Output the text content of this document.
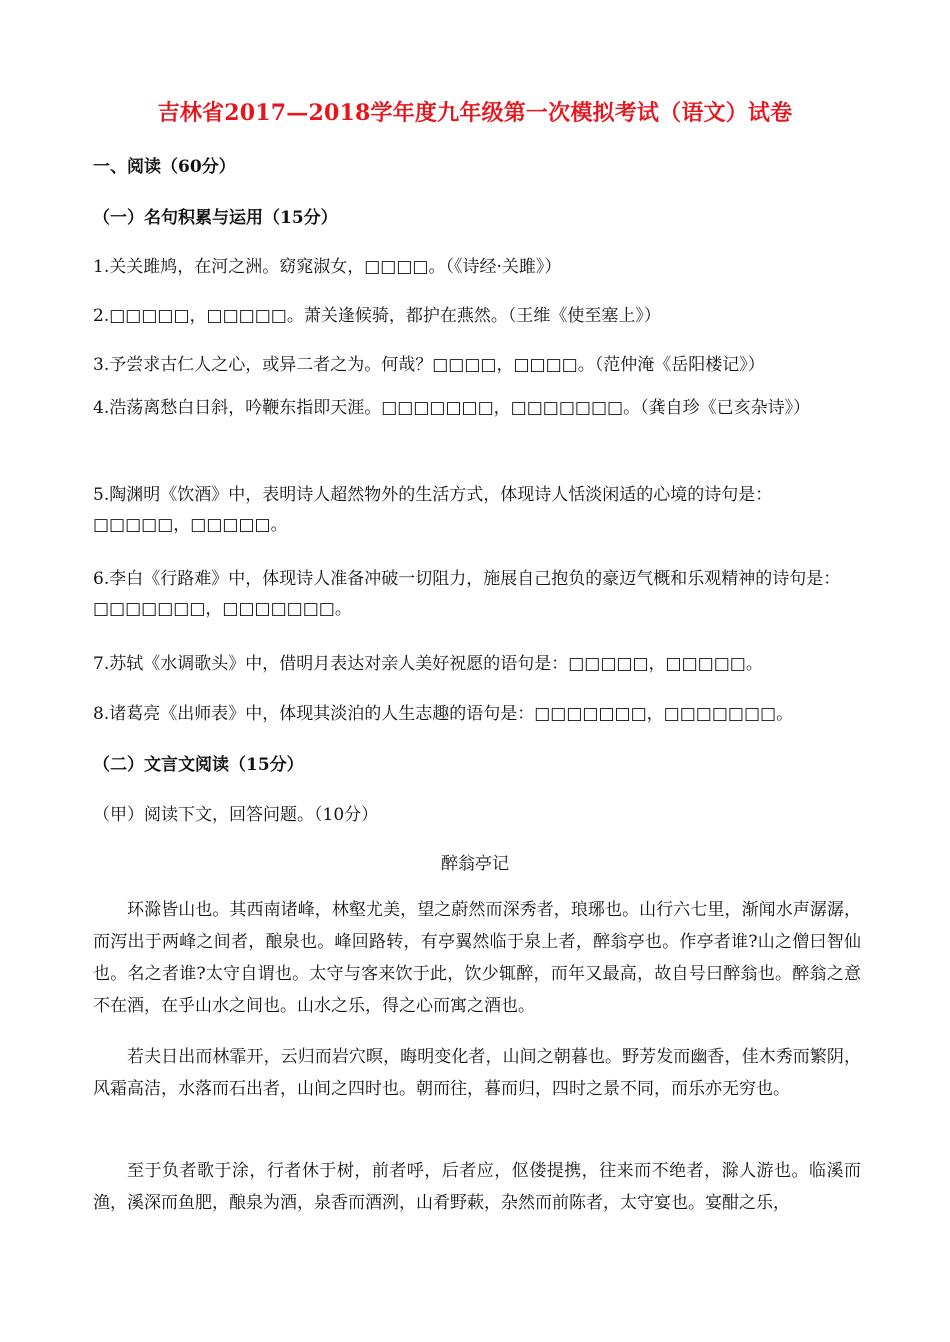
吉林省2017—2018学年度九年级第一次模拟考试（语文）试卷
一、阅读（60分）
（一）名句积累与运用（15分）
1.关关雎鸠，在河之洲。窈窕淑女，□□□□。（《诗经·关雎》）
2.□□□□□，□□□□□。萧关逢候骑，都护在燕然。（王维《使至塞上》）
3.予尝求古仁人之心，或异二者之为。何哉？□□□□，□□□□。（范仲淹《岳阳楼记》）
4.浩荡离愁白日斜，吟鞭东指即天涯。□□□□□□□，□□□□□□□。（龚自珍《已亥杂诗》）
5.陶渊明《饮酒》中，表明诗人超然物外的生活方式，体现诗人恬淡闲适的心境的诗句是：□□□□□，□□□□□。
6.李白《行路难》中，体现诗人准备冲破一切阻力，施展自己抱负的豪迈气概和乐观精神的诗句是：□□□□□□□，□□□□□□□。
7.苏轼《水调歌头》中，借明月表达对亲人美好祝愿的语句是：□□□□□，□□□□□。
8.诸葛亮《出师表》中，体现其淡泊的人生志趣的语句是：□□□□□□□，□□□□□□□。
（二）文言文阅读（15分）
（甲）阅读下文，回答问题。（10分）
醉翁亭记
环滁皆山也。其西南诸峰，林壑尤美，望之蔚然而深秀者，琅琊也。山行六七里，渐闻水声潺潺，而泻出于两峰之间者，酿泉也。峰回路转，有亭翼然临于泉上者，醉翁亭也。作亭者谁?山之僧曰智仙也。名之者谁?太守自谓也。太守与客来饮于此，饮少辄醉，而年又最高，故自号曰醉翁也。醉翁之意不在酒，在乎山水之间也。山水之乐，得之心而寓之酒也。
若夫日出而林霏开，云归而岩穴暝，晦明变化者，山间之朝暮也。野芳发而幽香，佳木秀而繁阴，风霜高洁，水落而石出者，山间之四时也。朝而往，暮而归，四时之景不同，而乐亦无穷也。
至于负者歌于涂，行者休于树，前者呼，后者应，伛偻提携，往来而不绝者，滁人游也。临溪而渔，溪深而鱼肥，酿泉为酒，泉香而酒洌，山肴野蔌，杂然而前陈者，太守宴也。宴酣之乐，
